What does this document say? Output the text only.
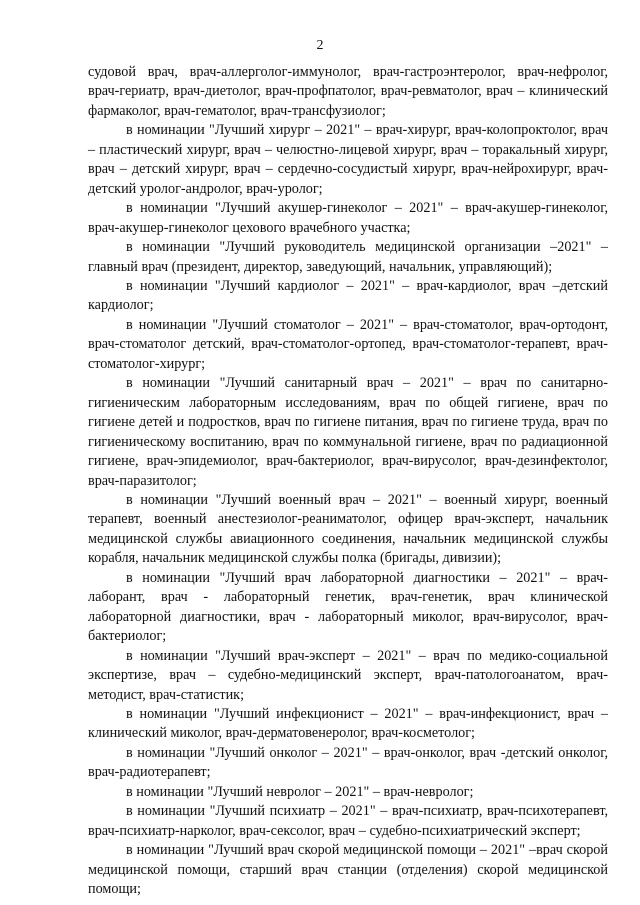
2

судовой врач, врач-аллерголог-иммунолог, врач-гастроэнтеролог, врач-нефролог, врач-гериатр, врач-диетолог, врач-профпатолог, врач-ревматолог, врач – клинический фармаколог, врач-гематолог, врач-трансфузиолог;

в номинации "Лучший хирург – 2021" – врач-хирург, врач-колопроктолог, врач – пластический хирург, врач – челюстно-лицевой хирург, врач – торакальный хирург, врач – детский хирург, врач – сердечно-сосудистый хирург, врач-нейрохирург, врач-детский уролог-андролог, врач-уролог;

в номинации "Лучший акушер-гинеколог – 2021" – врач-акушер-гинеколог, врач-акушер-гинеколог цехового врачебного участка;

в номинации "Лучший руководитель медицинской организации –2021" – главный врач (президент, директор, заведующий, начальник, управляющий);

в номинации "Лучший кардиолог – 2021" – врач-кардиолог, врач –детский кардиолог;

в номинации "Лучший стоматолог – 2021" – врач-стоматолог, врач-ортодонт, врач-стоматолог детский, врач-стоматолог-ортопед, врач-стоматолог-терапевт, врач-стоматолог-хирург;

в номинации "Лучший санитарный врач – 2021" – врач по санитарно-гигиеническим лабораторным исследованиям, врач по общей гигиене, врач по гигиене детей и подростков, врач по гигиене питания, врач по гигиене труда, врач по гигиеническому воспитанию, врач по коммунальной гигиене, врач по радиационной гигиене, врач-эпидемиолог, врач-бактериолог, врач-вирусолог, врач-дезинфектолог, врач-паразитолог;

в номинации "Лучший военный врач – 2021" – военный хирург, военный терапевт, военный анестезиолог-реаниматолог, офицер врач-эксперт, начальник медицинской службы авиационного соединения, начальник медицинской службы корабля, начальник медицинской службы полка (бригады, дивизии);

в номинации "Лучший врач лабораторной диагностики – 2021" – врач-лаборант, врач - лабораторный генетик, врач-генетик, врач клинической лабораторной диагностики, врач - лабораторный миколог, врач-вирусолог, врач-бактериолог;

в номинации "Лучший врач-эксперт – 2021" – врач по медико-социальной экспертизе, врач – судебно-медицинский эксперт, врач-патологоанатом, врач-методист, врач-статистик;

в номинации "Лучший инфекционист – 2021" – врач-инфекционист, врач – клинический миколог, врач-дерматовенеролог, врач-косметолог;

в номинации "Лучший онколог – 2021" – врач-онколог, врач -детский онколог, врач-радиотерапевт;

в номинации "Лучший невролог – 2021" – врач-невролог;

в номинации "Лучший психиатр – 2021" – врач-психиатр, врач-психотерапевт, врач-психиатр-нарколог, врач-сексолог, врач – судебно-психиатрический эксперт;

в номинации "Лучший врач скорой медицинской помощи – 2021" –врач скорой медицинской помощи, старший врач станции (отделения) скорой медицинской помощи;
